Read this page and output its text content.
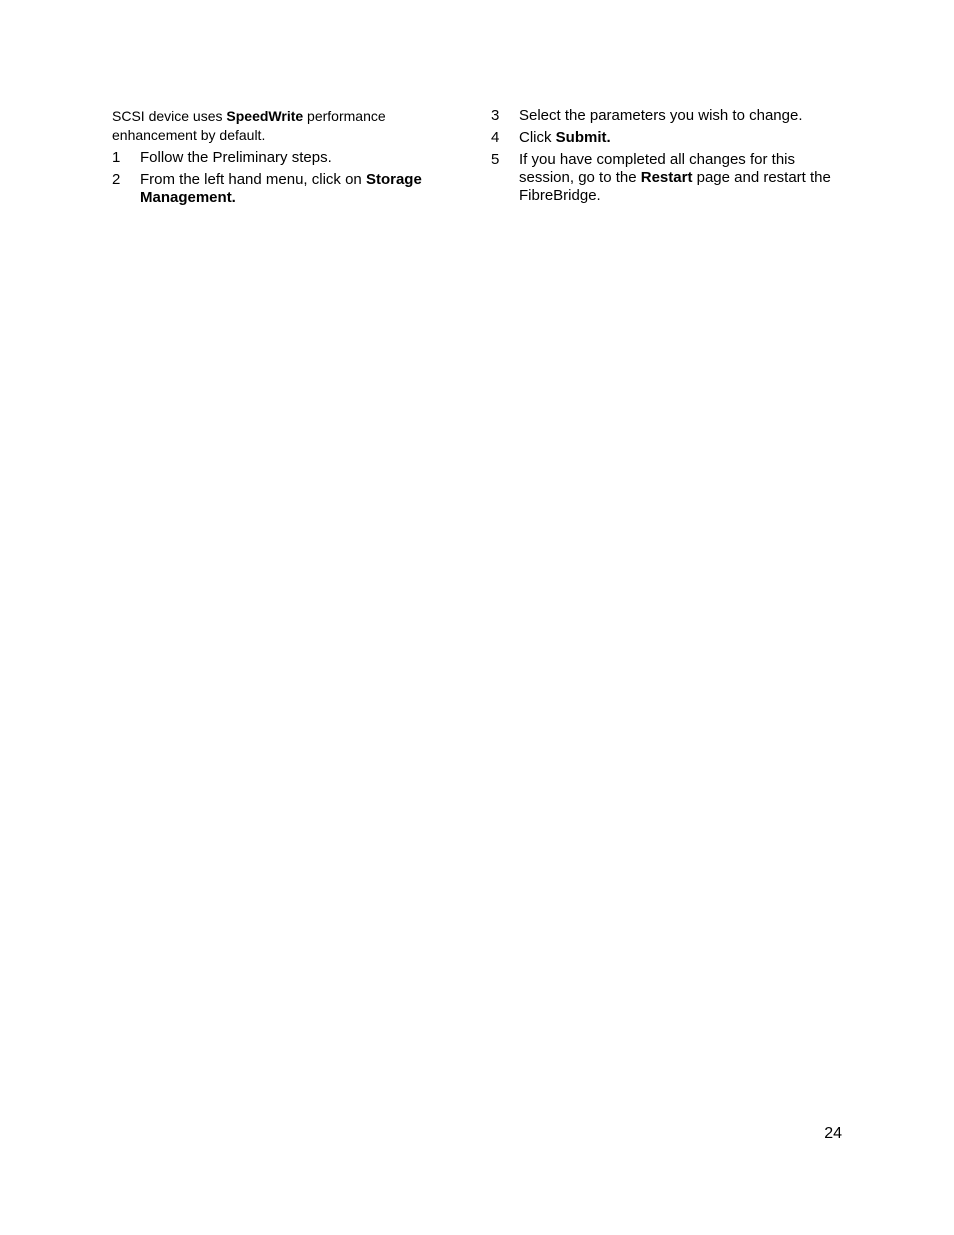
SCSI device uses SpeedWrite performance enhancement by default.

1	Follow the Preliminary steps.
2	From the left hand menu, click on Storage Management.
3	Select the parameters you wish to change.
4	Click Submit.
5	If you have completed all changes for this session, go to the Restart page and restart the FibreBridge.
24
